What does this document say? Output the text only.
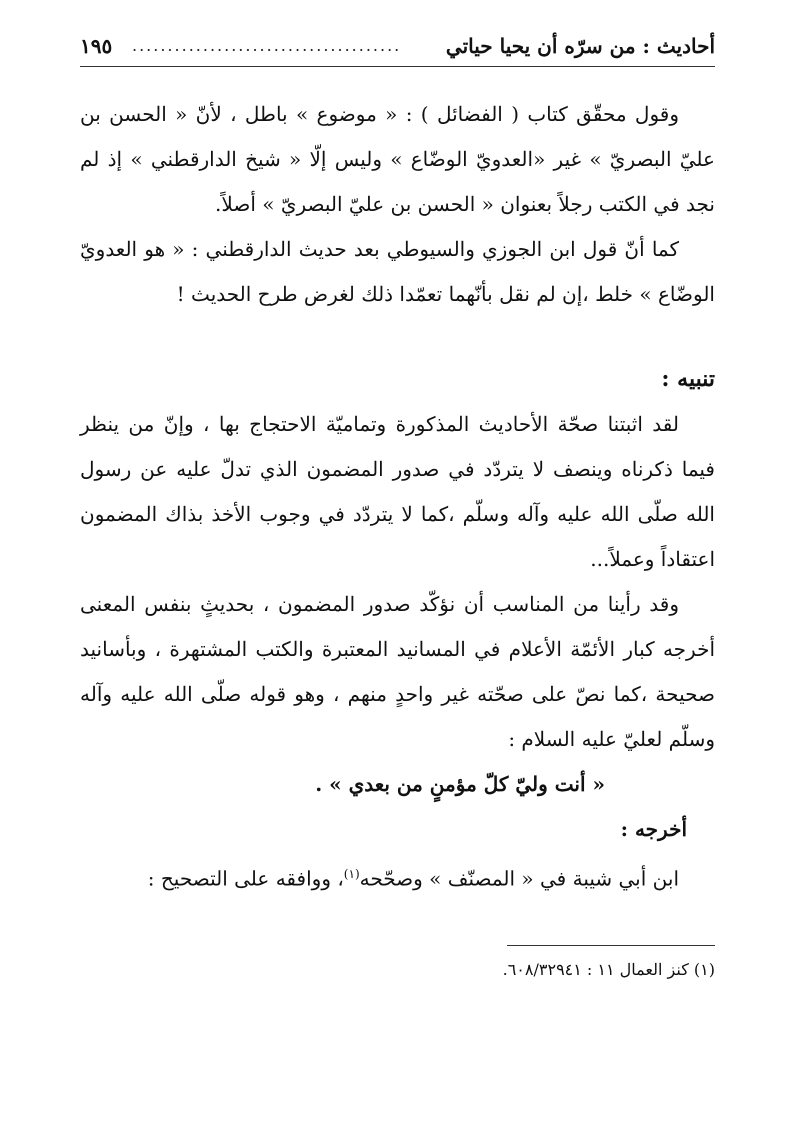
أحاديث : من سرّه أن يحيا حياتي
......................................
١٩٥

وقول محقّق كتاب ( الفضائل ) : « موضوع » باطل ، لأنّ « الحسن بن عليّ البصريّ » غير «العدويّ الوضّاع » وليس إلّا « شيخ الدارقطني » إذ لم نجد في الكتب رجلاً بعنوان « الحسن بن عليّ البصريّ » أصلاً.

كما أنّ قول ابن الجوزي والسيوطي بعد حديث الدارقطني : « هو العدويّ الوضّاع » خلط ،إن لم نقل بأنّهما تعمّدا ذلك لغرض طرح الحديث !

تنبيه :

لقد اثبتنا صحّة الأحاديث المذكورة وتماميّة الاحتجاج بها ، وإنّ من ينظر فيما ذكرناه وينصف لا يتردّد في صدور المضمون الذي تدلّ عليه عن رسول الله صلّى الله عليه وآله وسلّم ،كما لا يتردّد في وجوب الأخذ بذاك المضمون اعتقاداً وعملاً...

وقد رأينا من المناسب أن نؤكّد صدور المضمون ، بحديثٍ بنفس المعنى أخرجه كبار الأئمّة الأعلام في المسانيد المعتبرة والكتب المشتهرة ، وبأسانيد صحيحة ،كما نصّ على صحّته غير واحدٍ منهم ، وهو قوله صلّى الله عليه وآله وسلّم لعليّ عليه السلام :

« أنت وليّ كلّ مؤمنٍ من بعدي » .

أخرجه :

ابن أبي شيبة في « المصنّف » وصحّحه$^{(١)}$، ووافقه على التصحيح :

(١) كنز العمال ١١ : ٦٠٨/٣٢٩٤١.
